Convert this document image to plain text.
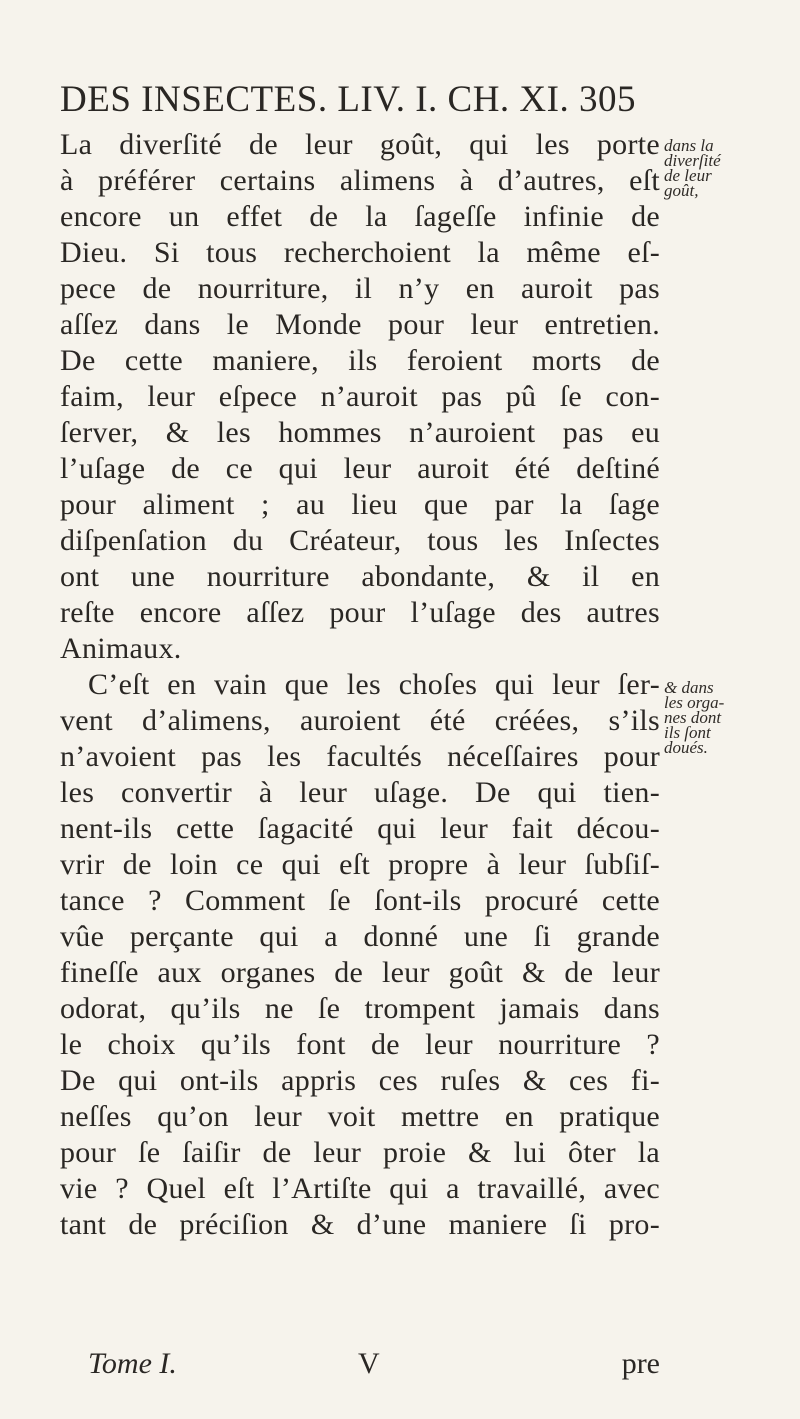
DES INSECTES. LIV. I. CH. XI. 305
La diverſité de leur goût, qui les porte
à préférer certains alimens à d’autres, eſt
encore un effet de la ſageſſe infinie de
Dieu. Si tous recherchoient la même eſ-
pece de nourriture, il n’y en auroit pas
aſſez dans le Monde pour leur entretien.
De cette maniere, ils feroient morts de
faim, leur eſpece n’auroit pas pû ſe con-
ſerver, & les hommes n’auroient pas eu
l’uſage de ce qui leur auroit été deſtiné
pour aliment ; au lieu que par la ſage
diſpenſation du Créateur, tous les Inſectes
ont une nourriture abondante, & il en
reſte encore aſſez pour l’uſage des autres
Animaux.
C’eſt en vain que les choſes qui leur ſer-
vent d’alimens, auroient été créées, s’ils
n’avoient pas les facultés néceſſaires pour
les convertir à leur uſage. De qui tien-
nent-ils cette ſagacité qui leur fait décou-
vrir de loin ce qui eſt propre à leur ſubſiſ-
tance ? Comment ſe ſont-ils procuré cette
vûe perçante qui a donné une ſi grande
fineſſe aux organes de leur goût & de leur
odorat, qu’ils ne ſe trompent jamais dans
le choix qu’ils font de leur nourriture ?
De qui ont-ils appris ces ruſes & ces fi-
neſſes qu’on leur voit mettre en pratique
pour ſe ſaiſir de leur proie & lui ôter la
vie ? Quel eſt l’Artiſte qui a travaillé, avec
tant de préciſion & d’une maniere ſi pro-
dans la
diverſité
de leur
goût,
& dans
les orga-
nes dont
ils ſont
doués.
Tome I.	V	pre
